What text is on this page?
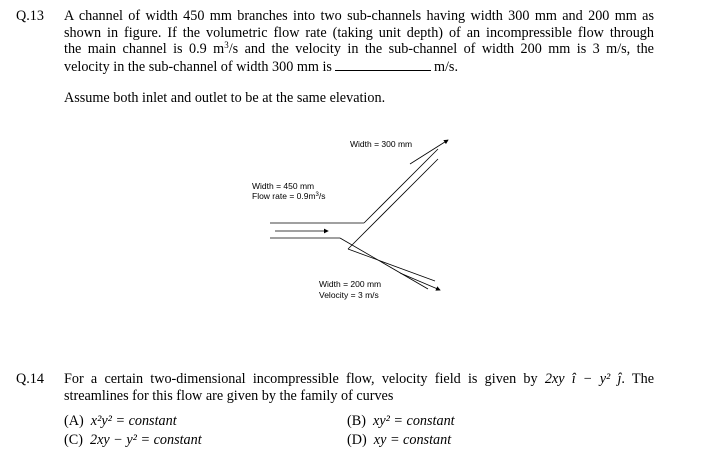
Q.13 A channel of width 450 mm branches into two sub-channels having width 300 mm and 200 mm as
shown in figure. If the volumetric flow rate (taking unit depth) of an incompressible flow through
the main channel is 0.9 $m^3/s$ and the velocity in the sub-channel of width 200 mm is 3 m/s, the
velocity in the sub-channel of width 300 mm is	m/s.
Assume both inlet and outlet to be at the same elevation.
Width = 300 mm
Width = 450 mm
Flow rate = $0.9m^3/s$
Width = 200 mm
Velocity = 3 m/s
Q.14 For a certain two-dimensional incompressible flow, velocity field is given by 2xy î − y² ĵ. The
streamlines for this flow are given by the family of curves
(A) x²y² = constant	(B) xy² = constant
(C) 2xy − y² = constant	(D) xy = constant
